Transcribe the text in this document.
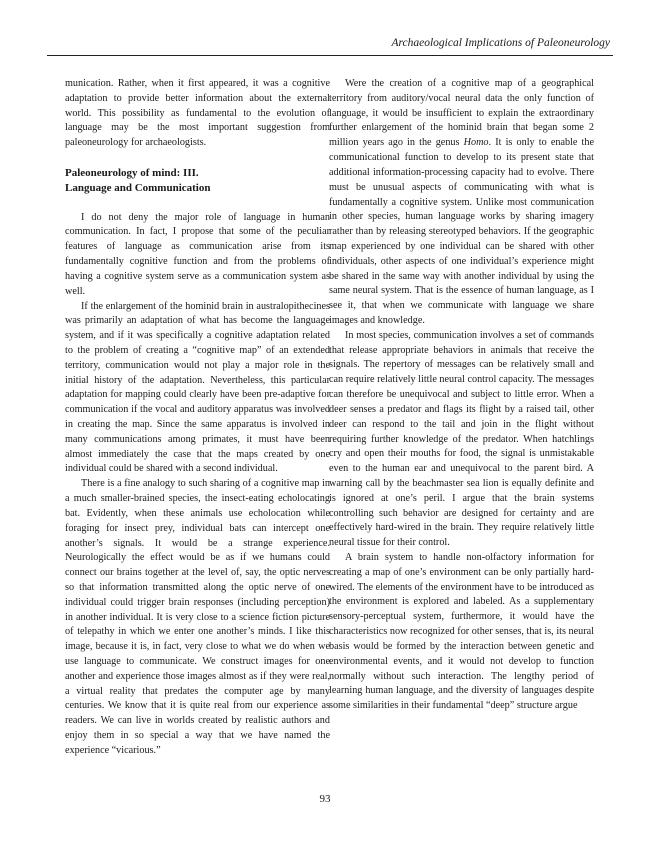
Archaeological Implications of Paleoneurology

munication. Rather, when it first appeared, it was a cognitive adaptation to provide better information about the external world. This possibility as fundamental to the evolution of language may be the most important suggestion from paleoneurology for archaeologists.

Paleoneurology of mind: III.
Language and Communication

I do not deny the major role of language in human communication. In fact, I propose that some of the peculiar features of language as communication arise from its fundamentally cognitive function and from the problems of having a cognitive system serve as a communication system as well.

If the enlargement of the hominid brain in australopithecines was primarily an adaptation of what has become the language system, and if it was specifically a cognitive adaptation related to the problem of creating a “cognitive map” of an extended territory, communication would not play a major role in the initial history of the adaptation. Nevertheless, this particular adaptation for mapping could clearly have been pre-adaptive for communication if the vocal and auditory apparatus was involved in creating the map. Since the same apparatus is involved in many communications among primates, it must have been almost immediately the case that the maps created by one individual could be shared with a second individual.

There is a fine analogy to such sharing of a cognitive map in a much smaller-brained species, the insect-eating echolocating bat. Evidently, when these animals use echolocation while foraging for insect prey, individual bats can intercept one another’s signals. It would be a strange experience. Neurologically the effect would be as if we humans could connect our brains together at the level of, say, the optic nerves so that information transmitted along the optic nerve of one individual could trigger brain responses (including perception) in another individual. It is very close to a science fiction picture of telepathy in which we enter one another’s minds. I like this image, because it is, in fact, very close to what we do when we use language to communicate. We construct images for one another and experience those images almost as if they were real, a virtual reality that predates the computer age by many centuries. We know that it is quite real from our experience as readers. We can live in worlds created by realistic authors and enjoy them in so special a way that we have named the experience “vicarious.”

Were the creation of a cognitive map of a geographical territory from auditory/vocal neural data the only function of language, it would be insufficient to explain the extraordinary further enlargement of the hominid brain that began some 2 million years ago in the genus Homo. It is only to enable the communicational function to develop to its present state that additional information-processing capacity had to evolve. There must be unusual aspects of communicating with what is fundamentally a cognitive system. Unlike most communication in other species, human language works by sharing imagery rather than by releasing stereotyped behaviors. If the geographic map experienced by one individual can be shared with other individuals, other aspects of one individual’s experience might be shared in the same way with another individual by using the same neural system. That is the essence of human language, as I see it, that when we communicate with language we share images and knowledge.

In most species, communication involves a set of commands that release appropriate behaviors in animals that receive the signals. The repertory of messages can be relatively small and can require relatively little neural control capacity. The messages can therefore be unequivocal and subject to little error. When a deer senses a predator and flags its flight by a raised tail, other deer can respond to the tail and join in the flight without requiring further knowledge of the predator. When hatchlings cry and open their mouths for food, the signal is unmistakable even to the human ear and unequivocal to the parent bird. A warning call by the beachmaster sea lion is equally definite and is ignored at one’s peril. I argue that the brain systems controlling such behavior are designed for certainty and are effectively hard-wired in the brain. They require relatively little neural tissue for their control.

A brain system to handle non-olfactory information for creating a map of one’s environment can be only partially hard-wired. The elements of the environment have to be introduced as the environment is explored and labeled. As a supplementary sensory-perceptual system, furthermore, it would have the characteristics now recognized for other senses, that is, its neural basis would be formed by the interaction between genetic and environmental events, and it would not develop to function normally without such interaction. The lengthy period of learning human language, and the diversity of languages despite some similarities in their fundamental “deep” structure argue

93
